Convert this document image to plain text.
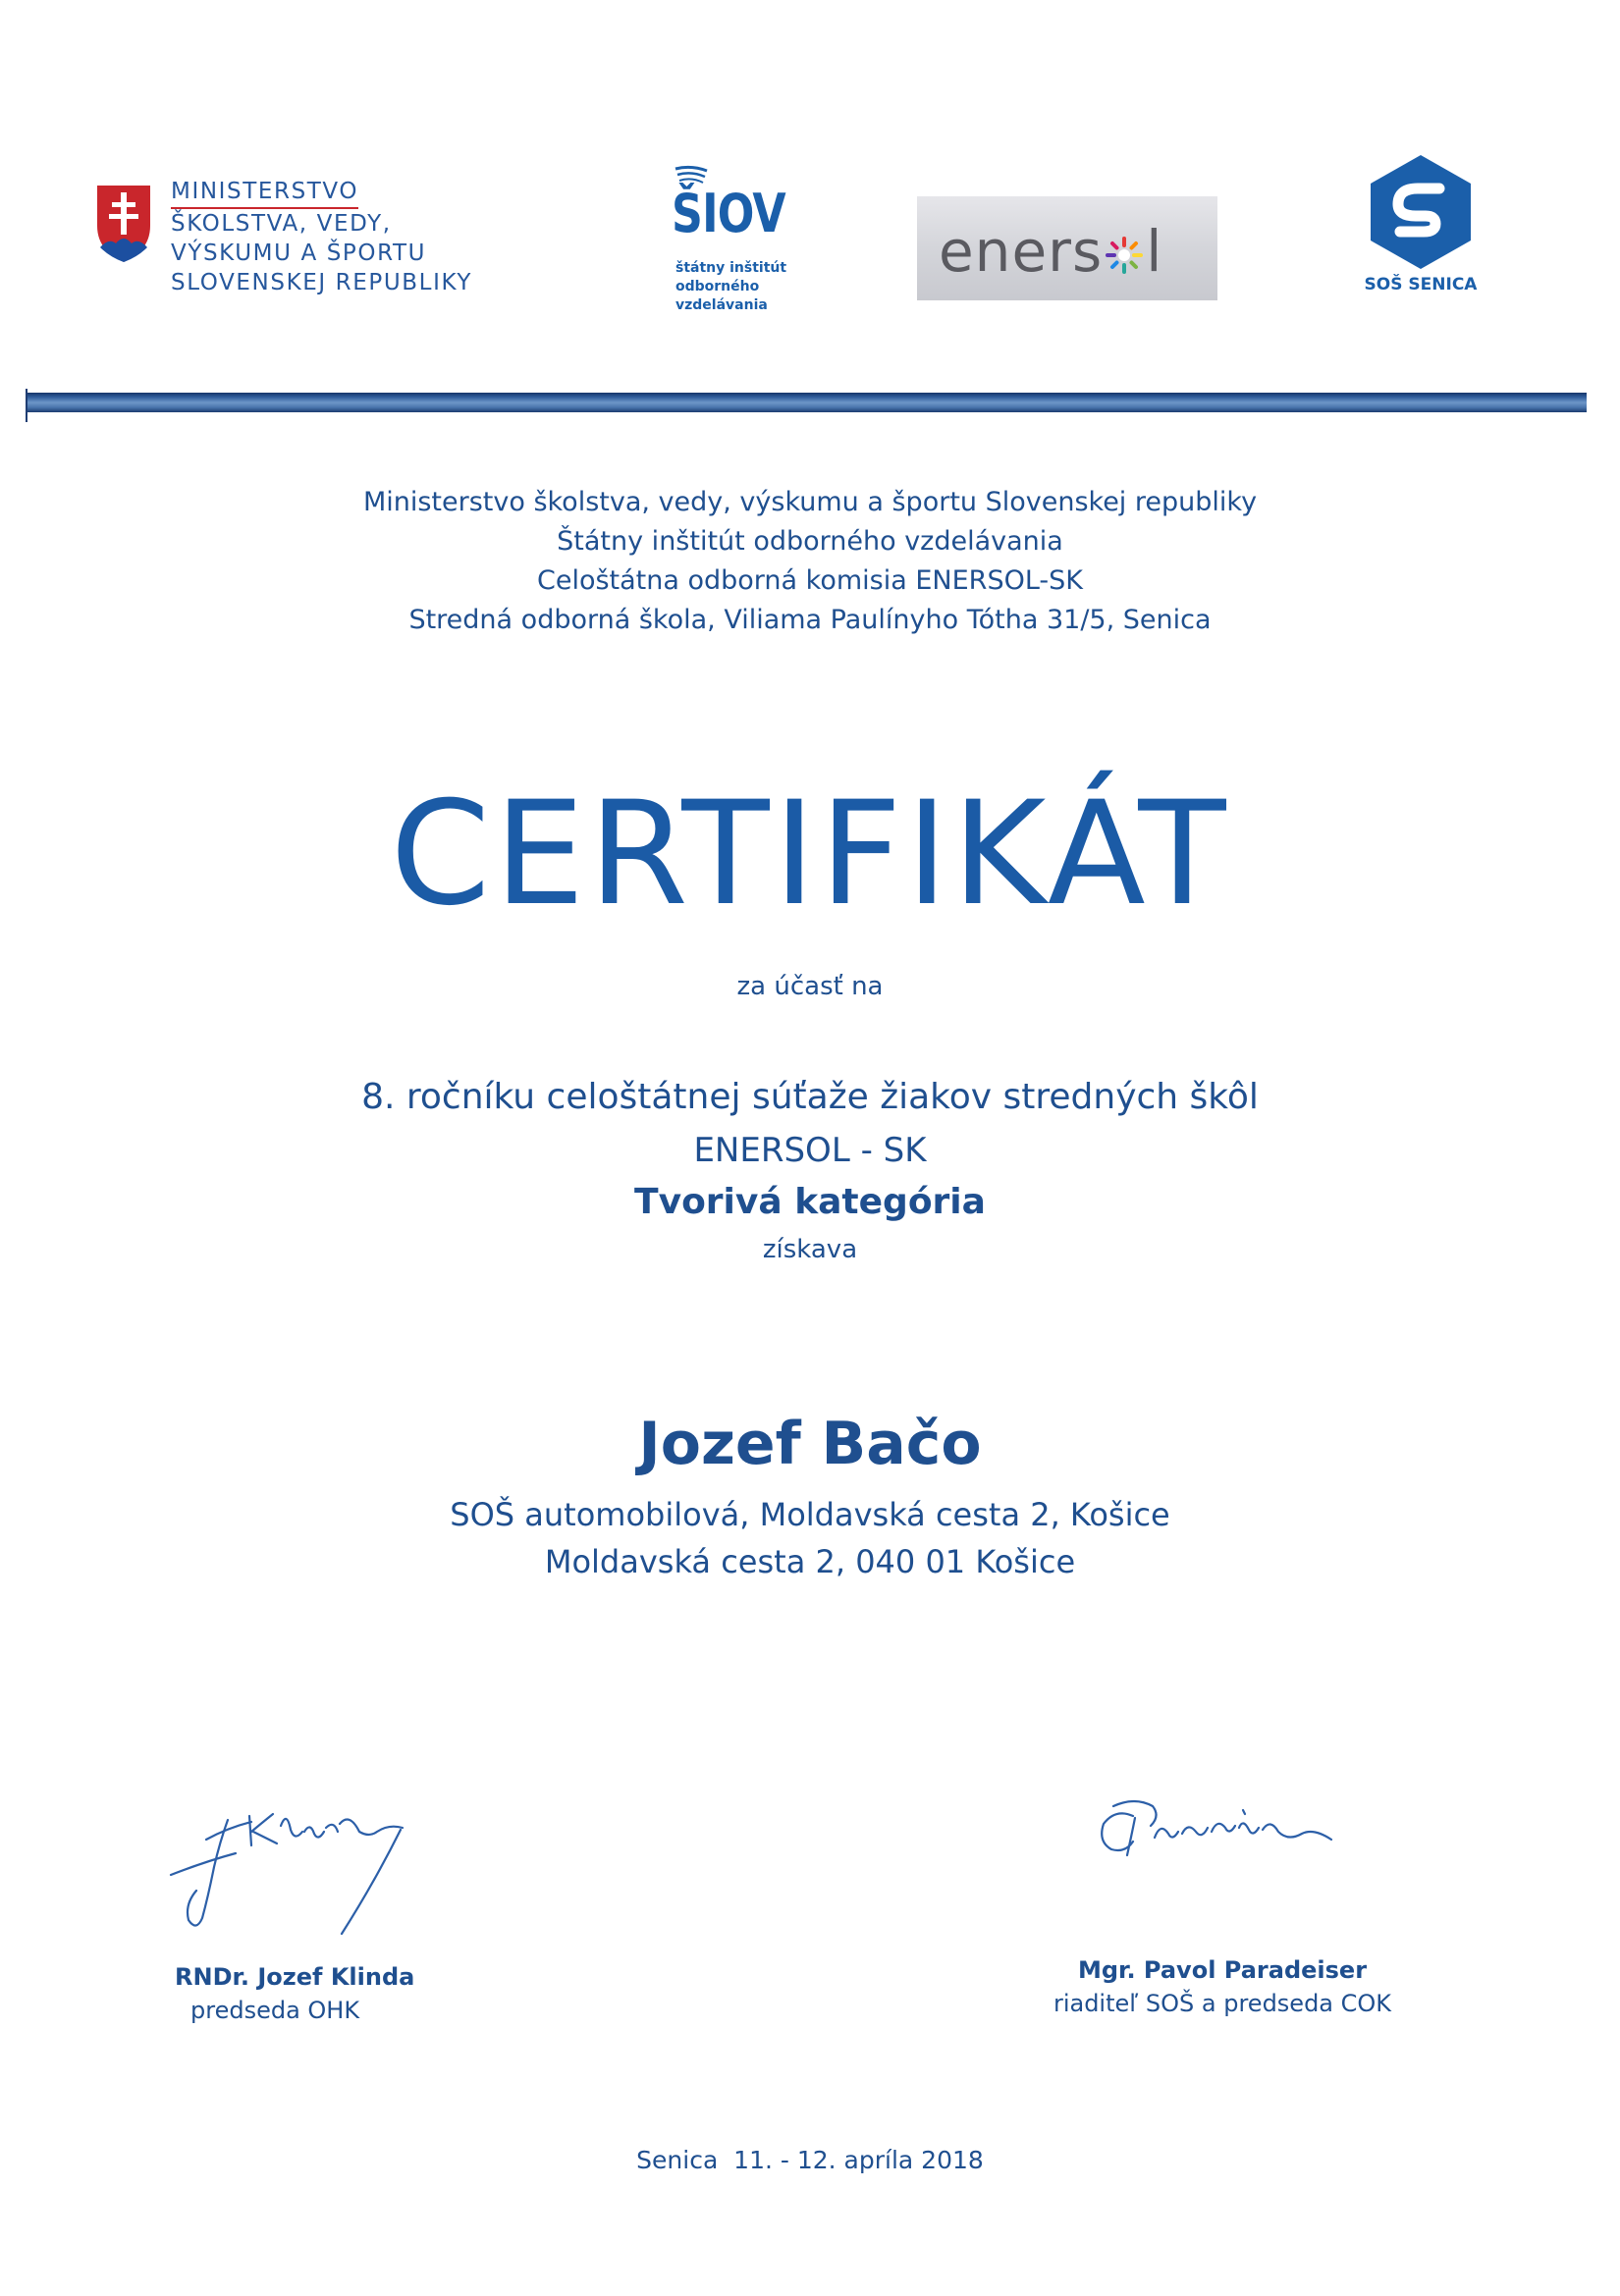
MINISTERSTVO
ŠKOLSTVA, VEDY,
VÝSKUMU A ŠPORTU
SLOVENSKEJ REPUBLIKY
ŠIOV
štátny inštitút
odborného
vzdelávania
eners l	SOŠ SENICA
Ministerstvo školstva, vedy, výskumu a športu Slovenskej republiky
Štátny inštitút odborného vzdelávania
Celoštátna odborná komisia ENERSOL-SK
Stredná odborná škola, Viliama Paulínyho Tótha 31/5, Senica
CERTIFIKÁT
za účasť na
8. ročníku celoštátnej súťaže žiakov stredných škôl
ENERSOL - SK
Tvorivá kategória
získava
Jozef Bačo
SOŠ automobilová, Moldavská cesta 2, Košice
Moldavská cesta 2, 040 01 Košice
RNDr. Jozef Klinda
predseda OHK
Mgr. Pavol Paradeiser
riaditeľ SOŠ a predseda COK
Senica  11. - 12. apríla 2018
